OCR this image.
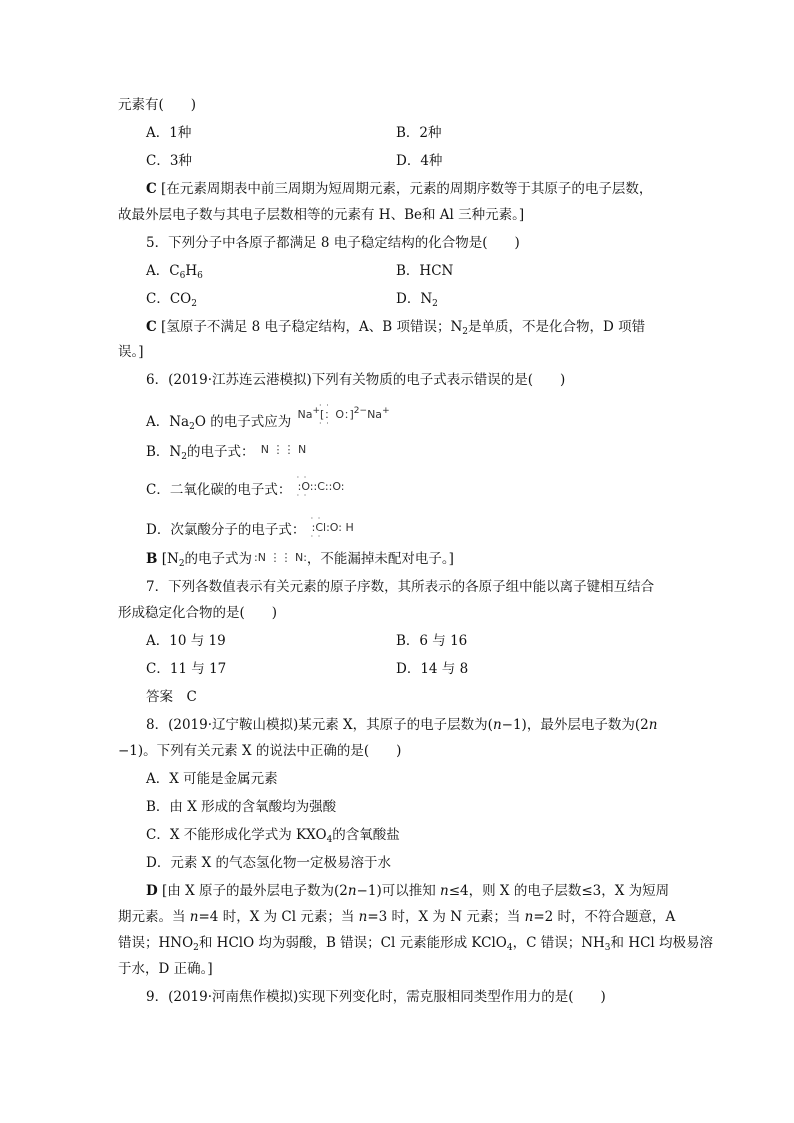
元素有(　　)
A．1种	B．2种
C．3种	D．4种
C [在元素周期表中前三周期为短周期元素，元素的周期序数等于其原子的电子层数，
故最外层电子数与其电子层数相等的元素有 H、Be和 Al 三种元素。]
5．下列分子中各原子都满足 8 电子稳定结构的化合物是(　　)
A．$C_6H_6$	B．HCN
C．$CO_2$	D．$N_2$
C [氢原子不满足 8 电子稳定结构，A、B 项错误；$N_2$是单质，不是化合物，D 项错
误。]
6．(2019·江苏连云港模拟)下列有关物质的电子式表示错误的是(　　)
A．$Na_2O$ 的电子式应为 $^{Na^+\cdot \cdot [:O:] \cdot \cdot^{2-}Na^+}$
B．$N_2$的电子式： $^{N ⋮⋮ N}$
C．二氧化碳的电子式： · · :O::C::O: · ·
D．次氯酸分子的电子式： · · :Cl:O: H · ·
B [$N_2$的电子式为 :N ⋮⋮ N:，不能漏掉未配对电子。]
7．下列各数值表示有关元素的原子序数，其所表示的各原子组中能以离子键相互结合
形成稳定化合物的是(　　)
A．10 与 19	B．6 与 16
C．11 与 17	D．14 与 8
答案　C
8．(2019·辽宁鞍山模拟)某元素 X，其原子的电子层数为(n−1)，最外层电子数为(2n
−1)。下列有关元素 X 的说法中正确的是(　　)
A．X 可能是金属元素
B．由 X 形成的含氧酸均为强酸
C．X 不能形成化学式为 $KXO_4$的含氧酸盐
D．元素 X 的气态氢化物一定极易溶于水
D [由 X 原子的最外层电子数为(2n−1)可以推知 n≤4，则 X 的电子层数≤3，X 为短周
期元素。当 n=4 时，X 为 Cl 元素；当 n=3 时，X 为 N 元素；当 n=2 时，不符合题意，A
错误；$HNO_2$和 HClO 均为弱酸，B 错误；Cl 元素能形成 KClO$_4$，C 错误；$NH_3$和 HCl 均极易溶
于水，D 正确。]
9．(2019·河南焦作模拟)实现下列变化时，需克服相同类型作用力的是(　　)
